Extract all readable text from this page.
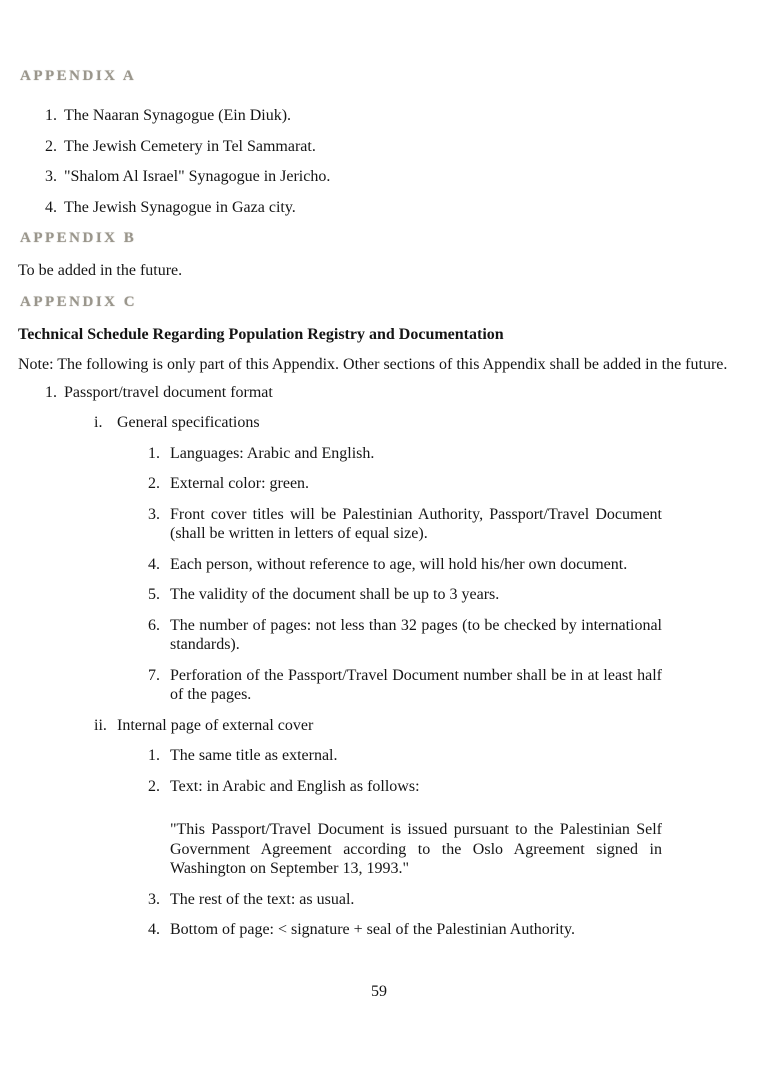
APPENDIX A
1. The Naaran Synagogue (Ein Diuk).
2. The Jewish Cemetery in Tel Sammarat.
3. "Shalom Al Israel" Synagogue in Jericho.
4. The Jewish Synagogue in Gaza city.
APPENDIX B

To be added in the future.

APPENDIX C

Technical Schedule Regarding Population Registry and Documentation

Note: The following is only part of this Appendix. Other sections of this Appendix shall be added in the future.

1. Passport/travel document format
i. General specifications
1. Languages: Arabic and English.
2. External color: green.
3. Front cover titles will be Palestinian Authority, Passport/Travel Document (shall be written in letters of equal size).
4. Each person, without reference to age, will hold his/her own document.
5. The validity of the document shall be up to 3 years.
6. The number of pages: not less than 32 pages (to be checked by international standards).
7. Perforation of the Passport/Travel Document number shall be in at least half of the pages.
ii. Internal page of external cover
1. The same title as external.
2. Text: in Arabic and English as follows:

"This Passport/Travel Document is issued pursuant to the Palestinian Self Government Agreement according to the Oslo Agreement signed in Washington on September 13, 1993."

3. The rest of the text: as usual.
4. Bottom of page: < signature + seal of the Palestinian Authority.
59
